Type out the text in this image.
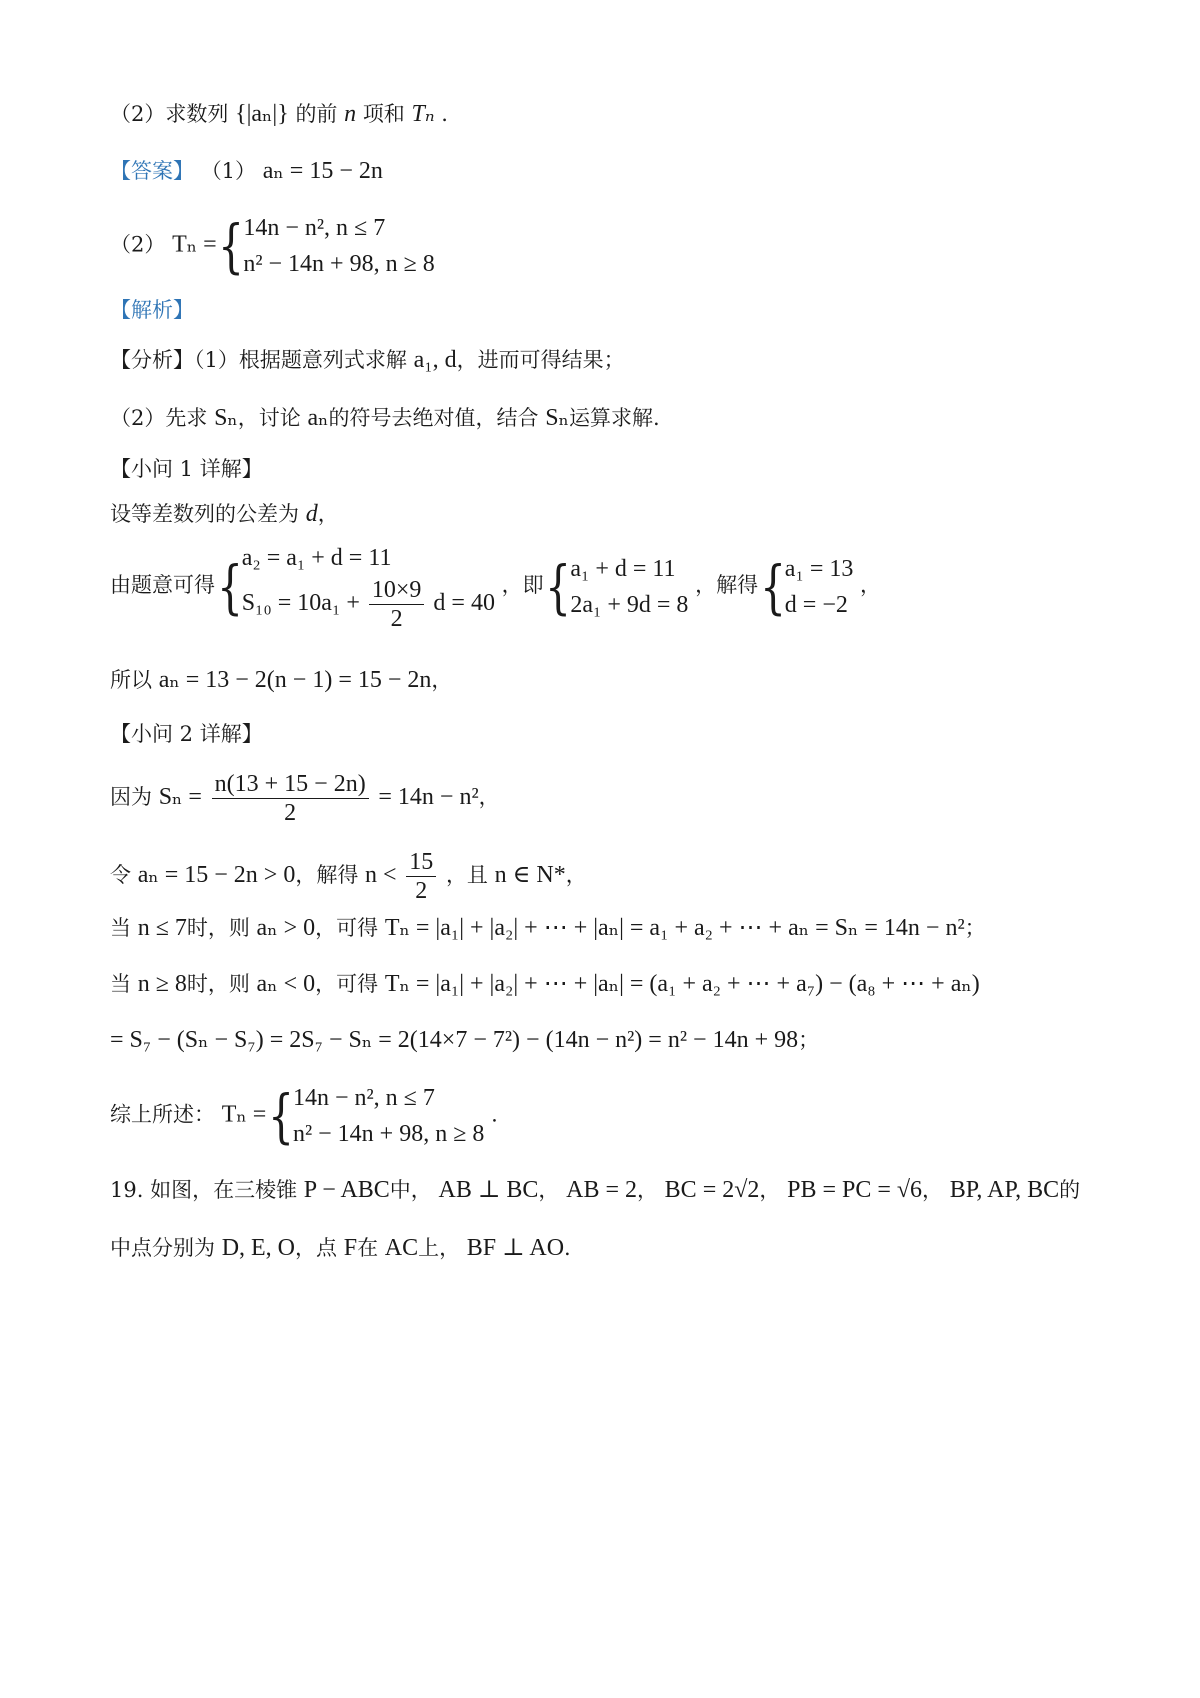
（2）求数列 {|aₙ|} 的前 n 项和 Tₙ .
【答案】 （1） aₙ = 15 − 2n
（2） Tₙ = { 14n − n², n ≤ 7
n² − 14n + 98, n ≥ 8
【解析】
【分析】（1）根据题意列式求解 a₁, d，进而可得结果；
（2）先求 Sₙ，讨论 aₙ的符号去绝对值，结合 Sₙ运算求解.
【小问 1 详解】
设等差数列的公差为 d，
由题意可得 { a₂ = a₁ + d = 11
$S_{10} = 10a_1 + \frac{10\times 9}{2}$ d = 40
，即 { a₁ + d = 11
2a₁ + 9d = 8
，解得 { a₁ = 13
d = −2
，
所以 aₙ = 13 − 2(n − 1) = 15 − 2n，
【小问 2 详解】
因为 $S_n = \frac{n(13 + 15 - 2n)}{2} = 14n - n^2$，
令 aₙ = 15 − 2n > 0，解得 $n < \frac{15}{2}$ ，且 n ∈ N*，
当 n ≤ 7时，则 aₙ > 0，可得 Tₙ = |a₁| + |a₂| + ⋯ + |aₙ| = a₁ + a₂ + ⋯ + aₙ = Sₙ = 14n − n²；
当 n ≥ 8时，则 aₙ < 0，可得 Tₙ = |a₁| + |a₂| + ⋯ + |aₙ| = (a₁ + a₂ + ⋯ + a₇) − (a₈ + ⋯ + aₙ)
= S₇ − (Sₙ − S₇) = 2S₇ − Sₙ = 2(14×7 − 7²) − (14n − n²) = n² − 14n + 98；
综上所述： Tₙ = { 14n − n², n ≤ 7
n² − 14n + 98, n ≥ 8
.
19. 如图，在三棱锥 P − ABC中， AB ⊥ BC， AB = 2， BC = 2√2， PB = PC = √6， BP, AP, BC的
中点分别为 D, E, O，点 F在 AC上， BF ⊥ AO.
